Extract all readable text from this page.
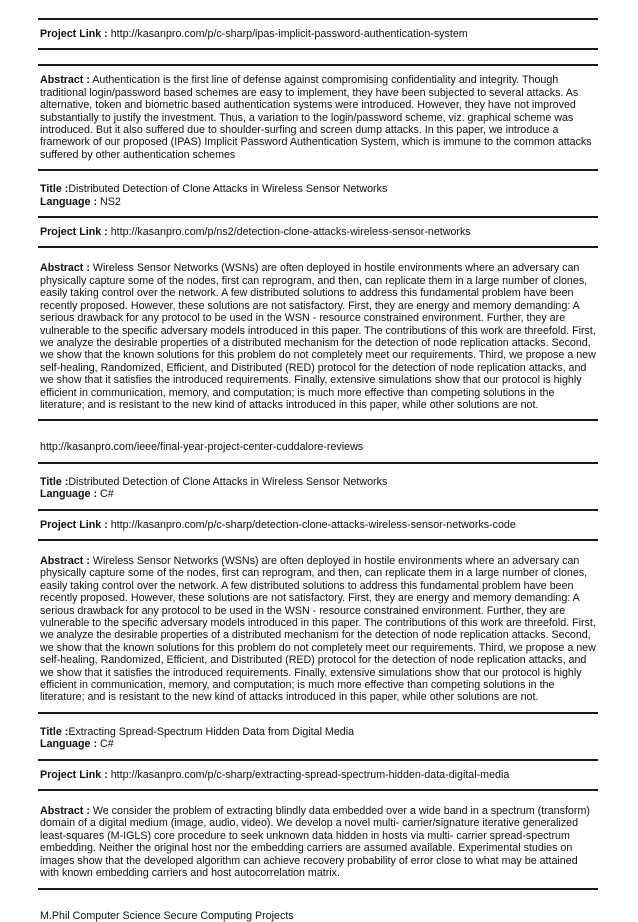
Project Link : http://kasanpro.com/p/c-sharp/ipas-implicit-password-authentication-system
Abstract : Authentication is the first line of defense against compromising confidentiality and integrity. Though traditional login/password based schemes are easy to implement, they have been subjected to several attacks. As alternative, token and biometric based authentication systems were introduced. However, they have not improved substantially to justify the investment. Thus, a variation to the login/password scheme, viz. graphical scheme was introduced. But it also suffered due to shoulder-surfing and screen dump attacks. In this paper, we introduce a framework of our proposed (IPAS) Implicit Password Authentication System, which is immune to the common attacks suffered by other authentication schemes
Title :Distributed Detection of Clone Attacks in Wireless Sensor Networks
Language : NS2
Project Link : http://kasanpro.com/p/ns2/detection-clone-attacks-wireless-sensor-networks
Abstract : Wireless Sensor Networks (WSNs) are often deployed in hostile environments where an adversary can physically capture some of the nodes, first can reprogram, and then, can replicate them in a large number of clones, easily taking control over the network. A few distributed solutions to address this fundamental problem have been recently proposed. However, these solutions are not satisfactory. First, they are energy and memory demanding: A serious drawback for any protocol to be used in the WSN - resource constrained environment. Further, they are vulnerable to the specific adversary models introduced in this paper. The contributions of this work are threefold. First, we analyze the desirable properties of a distributed mechanism for the detection of node replication attacks. Second, we show that the known solutions for this problem do not completely meet our requirements. Third, we propose a new self-healing, Randomized, Efficient, and Distributed (RED) protocol for the detection of node replication attacks, and we show that it satisfies the introduced requirements. Finally, extensive simulations show that our protocol is highly efficient in communication, memory, and computation; is much more effective than competing solutions in the literature; and is resistant to the new kind of attacks introduced in this paper, while other solutions are not.
http://kasanpro.com/ieee/final-year-project-center-cuddalore-reviews
Title :Distributed Detection of Clone Attacks in Wireless Sensor Networks
Language : C#
Project Link : http://kasanpro.com/p/c-sharp/detection-clone-attacks-wireless-sensor-networks-code
Abstract : Wireless Sensor Networks (WSNs) are often deployed in hostile environments where an adversary can physically capture some of the nodes, first can reprogram, and then, can replicate them in a large number of clones, easily taking control over the network. A few distributed solutions to address this fundamental problem have been recently proposed. However, these solutions are not satisfactory. First, they are energy and memory demanding: A serious drawback for any protocol to be used in the WSN - resource constrained environment. Further, they are vulnerable to the specific adversary models introduced in this paper. The contributions of this work are threefold. First, we analyze the desirable properties of a distributed mechanism for the detection of node replication attacks. Second, we show that the known solutions for this problem do not completely meet our requirements. Third, we propose a new self-healing, Randomized, Efficient, and Distributed (RED) protocol for the detection of node replication attacks, and we show that it satisfies the introduced requirements. Finally, extensive simulations show that our protocol is highly efficient in communication, memory, and computation; is much more effective than competing solutions in the literature; and is resistant to the new kind of attacks introduced in this paper, while other solutions are not.
Title :Extracting Spread-Spectrum Hidden Data from Digital Media
Language : C#
Project Link : http://kasanpro.com/p/c-sharp/extracting-spread-spectrum-hidden-data-digital-media
Abstract : We consider the problem of extracting blindly data embedded over a wide band in a spectrum (transform) domain of a digital medium (image, audio, video). We develop a novel multi- carrier/signature iterative generalized least-squares (M-IGLS) core procedure to seek unknown data hidden in hosts via multi- carrier spread-spectrum embedding. Neither the original host nor the embedding carriers are assumed available. Experimental studies on images show that the developed algorithm can achieve recovery probability of error close to what may be attained with known embedding carriers and host autocorrelation matrix.
M.Phil Computer Science Secure Computing Projects
